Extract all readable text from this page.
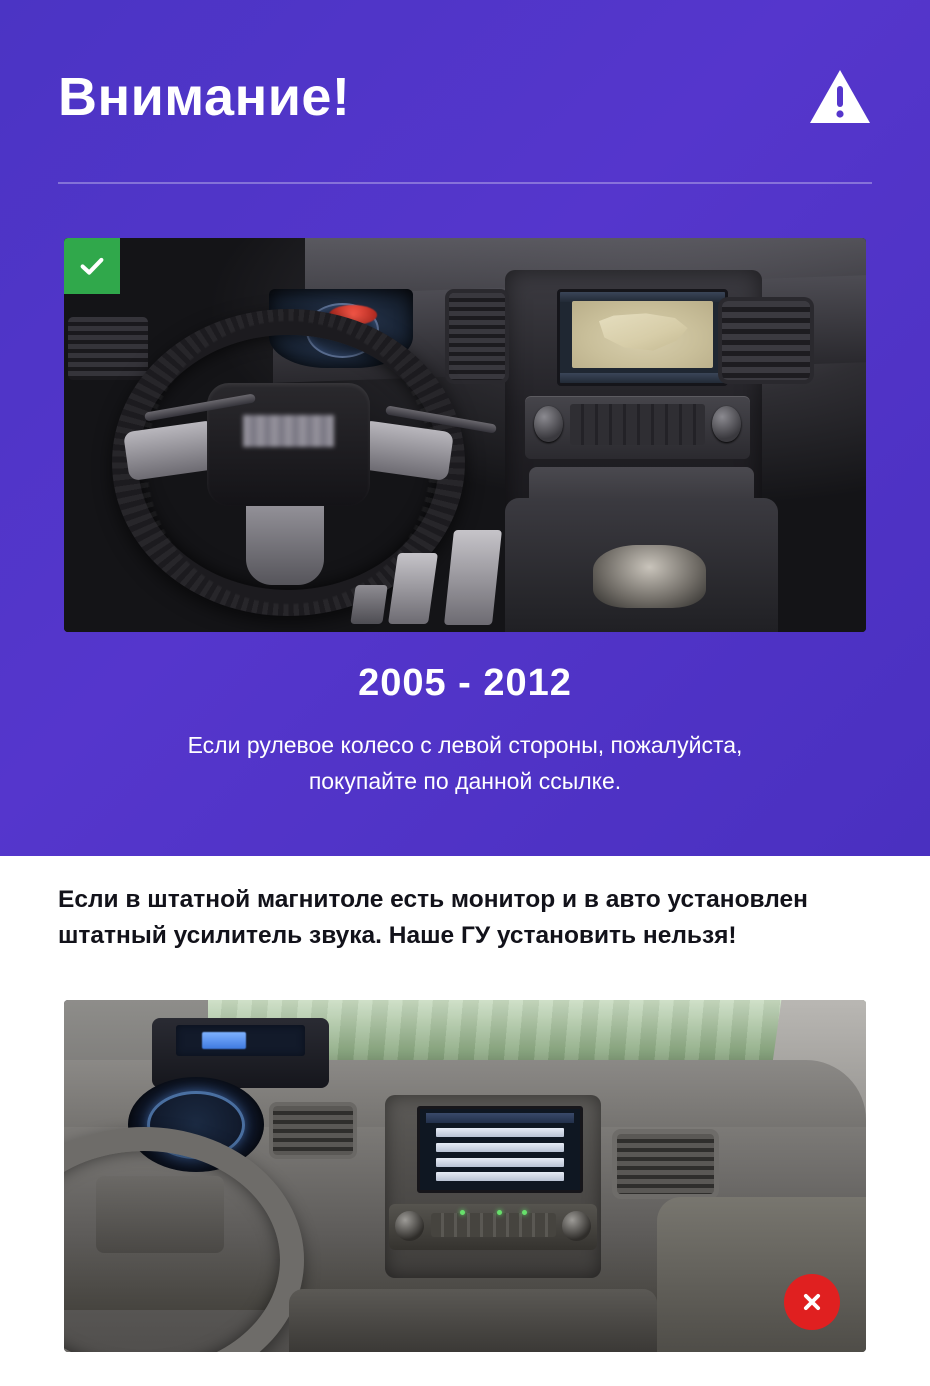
Внимание!
2005 - 2012
Если рулевое колесо с левой стороны, пожалуйста,
покупайте по данной ссылке.
Если в штатной магнитоле есть монитор и в авто установлен
штатный усилитель звука. Наше ГУ установить нельзя!
